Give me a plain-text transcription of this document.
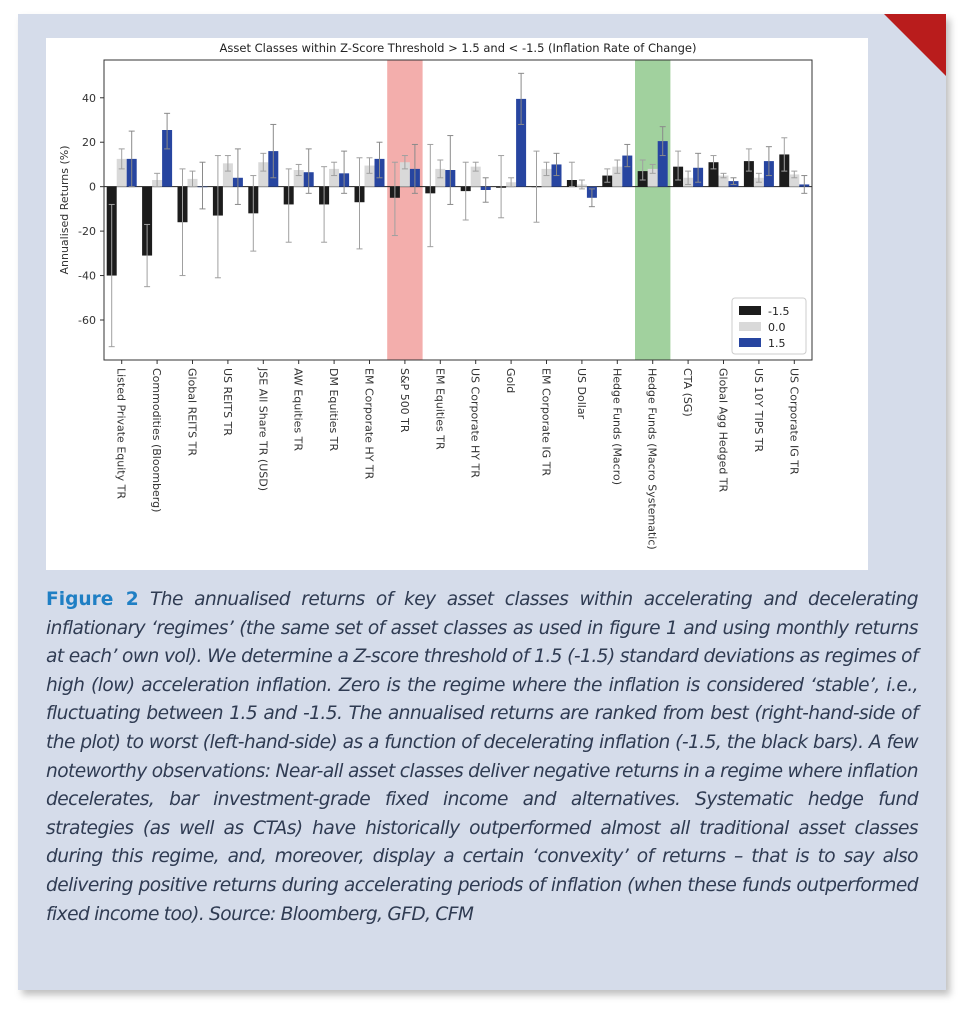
Asset Classes within Z-Score Threshold > 1.5 and < -1.5 (Inflation Rate of Change)
40
20
0
-20
-40
-60
Annualised Returns (%)
Listed Private Equity TR Commodities (Bloomberg) Global REITS TR US REITS TR JSE All Share TR (USD) AW Equities TR DM Equities TR EM Corporate HY TR S&P 500 TR EM Equities TR US Corporate HY TR Gold EM Corporate IG TR US Dollar Hedge Funds (Macro) Hedge Funds (Macro Systematic) CTA (SG) Global Agg Hedged TR US 10Y TIPS TR US Corporate IG TR
-1.5
0.0
1.5

Figure 2 The annualised returns of key asset classes within accelerating and decelerating inflationary ‘regimes’ (the same set of asset classes as used in figure 1 and using monthly returns at each’ own vol). We determine a Z-score threshold of 1.5 (-1.5) standard deviations as regimes of high (low) acceleration inflation. Zero is the regime where the inflation is considered ‘stable’, i.e., fluctuating between 1.5 and -1.5. The annualised returns are ranked from best (right-hand-side of the plot) to worst (left-hand-side) as a function of decelerating inflation (-1.5, the black bars). A few noteworthy observations: Near-all asset classes deliver negative returns in a regime where inflation decelerates, bar investment-grade fixed income and alternatives. Systematic hedge fund strategies (as well as CTAs) have historically outperformed almost all traditional asset classes during this regime, and, moreover, display a certain ‘convexity’ of returns – that is to say also delivering positive returns during accelerating periods of inflation (when these funds outperformed fixed income too). Source: Bloomberg, GFD, CFM
